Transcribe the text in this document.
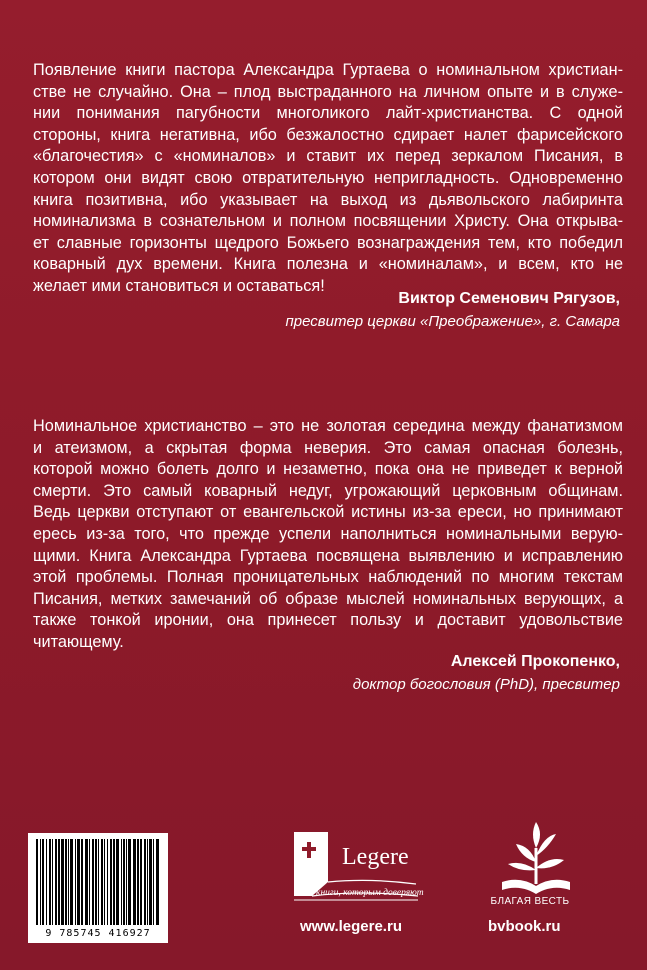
Появление книги пастора Александра Гуртаева о номинальном христиан-
стве не случайно. Она – плод выстраданного на личном опыте и в служе-
нии понимания пагубности многоликого лайт-христианства. С одной
стороны, книга негативна, ибо безжалостно сдирает налет фарисейского
«благочестия» с «номиналов» и ставит их перед зеркалом Писания, в
котором они видят свою отвратительную непригладность. Одновременно
книга позитивна, ибо указывает на выход из дьявольского лабиринта
номинализма в сознательном и полном посвящении Христу. Она открыва-
ет славные горизонты щедрого Божьего вознаграждения тем, кто победил
коварный дух времени. Книга полезна и «номиналам», и всем, кто не
желает ими становиться и оставаться!

Виктор Семенович Рягузов,

пресвитер церкви «Преображение», г. Самара

Номинальное христианство – это не золотая середина между фанатизмом
и атеизмом, а скрытая форма неверия. Это самая опасная болезнь,
которой можно болеть долго и незаметно, пока она не приведет к верной
смерти. Это самый коварный недуг, угрожающий церковным общинам.
Ведь церкви отступают от евангельской истины из-за ереси, но принимают
ересь из-за того, что прежде успели наполниться номинальными верую-
щими. Книга Александра Гуртаева посвящена выявлению и исправлению
этой проблемы. Полная проницательных наблюдений по многим текстам
Писания, метких замечаний об образе мыслей номинальных верующих, а
также тонкой иронии, она принесет пользу и доставит удовольствие
читающему.

Алексей Прокопенко,

доктор богословия (PhD), пресвитер

9 785745 416927
Legere
книги, которым доверяют
www.legere.ru
БЛАГАЯ ВЕСТЬ
bvbook.ru
